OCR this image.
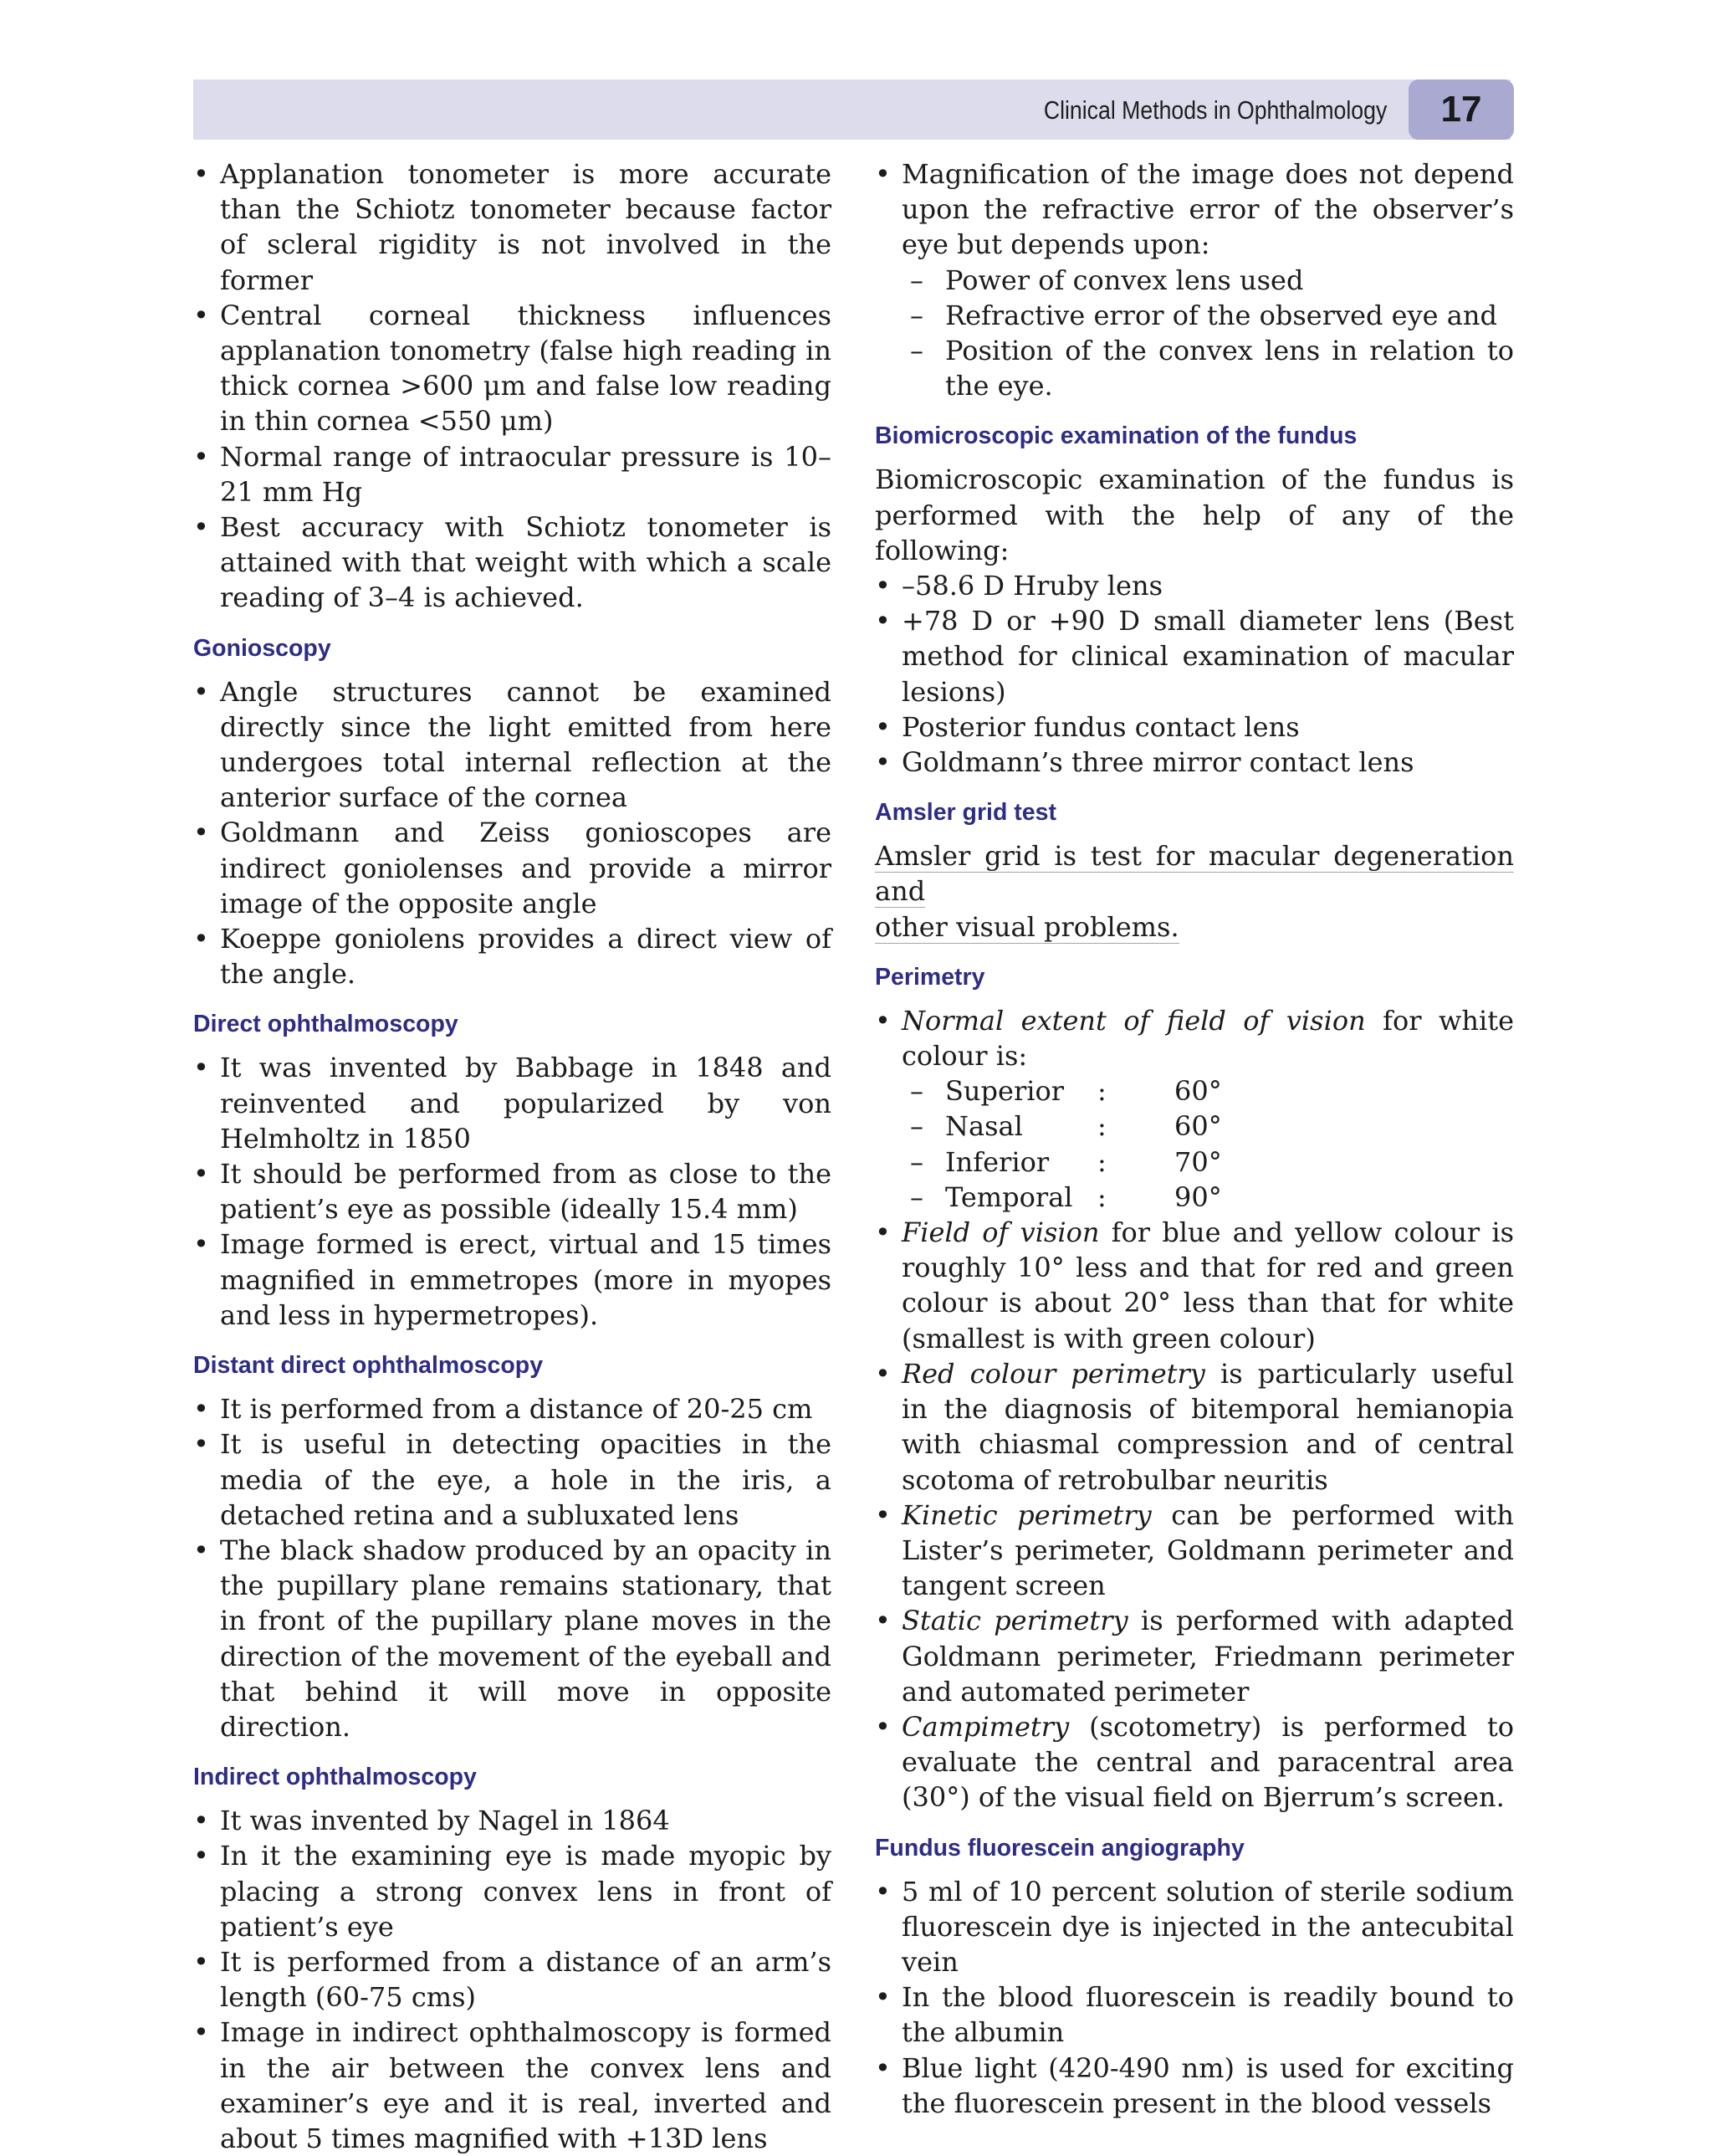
Clinical Methods in Ophthalmology	17
• Applanation tonometer is more accurate than the Schiotz tonometer because factor of scleral rigidity is not involved in the former
• Central corneal thickness influences applanation tonometry (false high reading in thick cornea >600 μm and false low reading in thin cornea <550 μm)
• Normal range of intraocular pressure is 10–21 mm Hg
• Best accuracy with Schiotz tonometer is attained with that weight with which a scale reading of 3–4 is achieved.
Gonioscopy
• Angle structures cannot be examined directly since the light emitted from here undergoes total internal reflection at the anterior surface of the cornea
• Goldmann and Zeiss gonioscopes are indirect goniolenses and provide a mirror image of the opposite angle
• Koeppe goniolens provides a direct view of the angle.
Direct ophthalmoscopy
• It was invented by Babbage in 1848 and reinvented and popularized by von Helmholtz in 1850
• It should be performed from as close to the patient’s eye as possible (ideally 15.4 mm)
• Image formed is erect, virtual and 15 times magnified in emmetropes (more in myopes and less in hypermetropes).
Distant direct ophthalmoscopy
• It is performed from a distance of 20-25 cm
• It is useful in detecting opacities in the media of the eye, a hole in the iris, a detached retina and a subluxated lens
• The black shadow produced by an opacity in the pupillary plane remains stationary, that in front of the pupillary plane moves in the direction of the movement of the eyeball and that behind it will move in opposite direction.
Indirect ophthalmoscopy
• It was invented by Nagel in 1864
• In it the examining eye is made myopic by placing a strong convex lens in front of patient’s eye
• It is performed from a distance of an arm’s length (60-75 cms)
• Image in indirect ophthalmoscopy is formed in the air between the convex lens and examiner’s eye and it is real, inverted and about 5 times magnified with +13D lens
• Magnification of the image does not depend upon the refractive error of the observer’s eye but depends upon:
– Power of convex lens used
– Refractive error of the observed eye and
– Position of the convex lens in relation to the eye.
Biomicroscopic examination of the fundus

Biomicroscopic examination of the fundus is performed with the help of any of the following:

• –58.6 D Hruby lens
• +78 D or +90 D small diameter lens (Best method for clinical examination of macular lesions)
• Posterior fundus contact lens
• Goldmann’s three mirror contact lens
Amsler grid test

Amsler grid is test for macular degeneration and

other visual problems.

Perimetry
• Normal extent of field of vision for white colour is:
– Superior	:	60°
– Nasal	:	60°
– Inferior	:	70°
– Temporal :	90°
• Field of vision for blue and yellow colour is roughly 10° less and that for red and green colour is about 20° less than that for white (smallest is with green colour)
• Red colour perimetry is particularly useful in the diagnosis of bitemporal hemianopia with chiasmal compression and of central scotoma of retrobulbar neuritis
• Kinetic perimetry can be performed with Lister’s perimeter, Goldmann perimeter and tangent screen
• Static perimetry is performed with adapted Goldmann perimeter, Friedmann perimeter and automated perimeter
• Campimetry (scotometry) is performed to evaluate the central and paracentral area (30°) of the visual field on Bjerrum’s screen.
Fundus fluorescein angiography
• 5 ml of 10 percent solution of sterile sodium fluorescein dye is injected in the antecubital vein
• In the blood fluorescein is readily bound to the albumin
• Blue light (420-490 nm) is used for exciting the fluorescein present in the blood vessels
